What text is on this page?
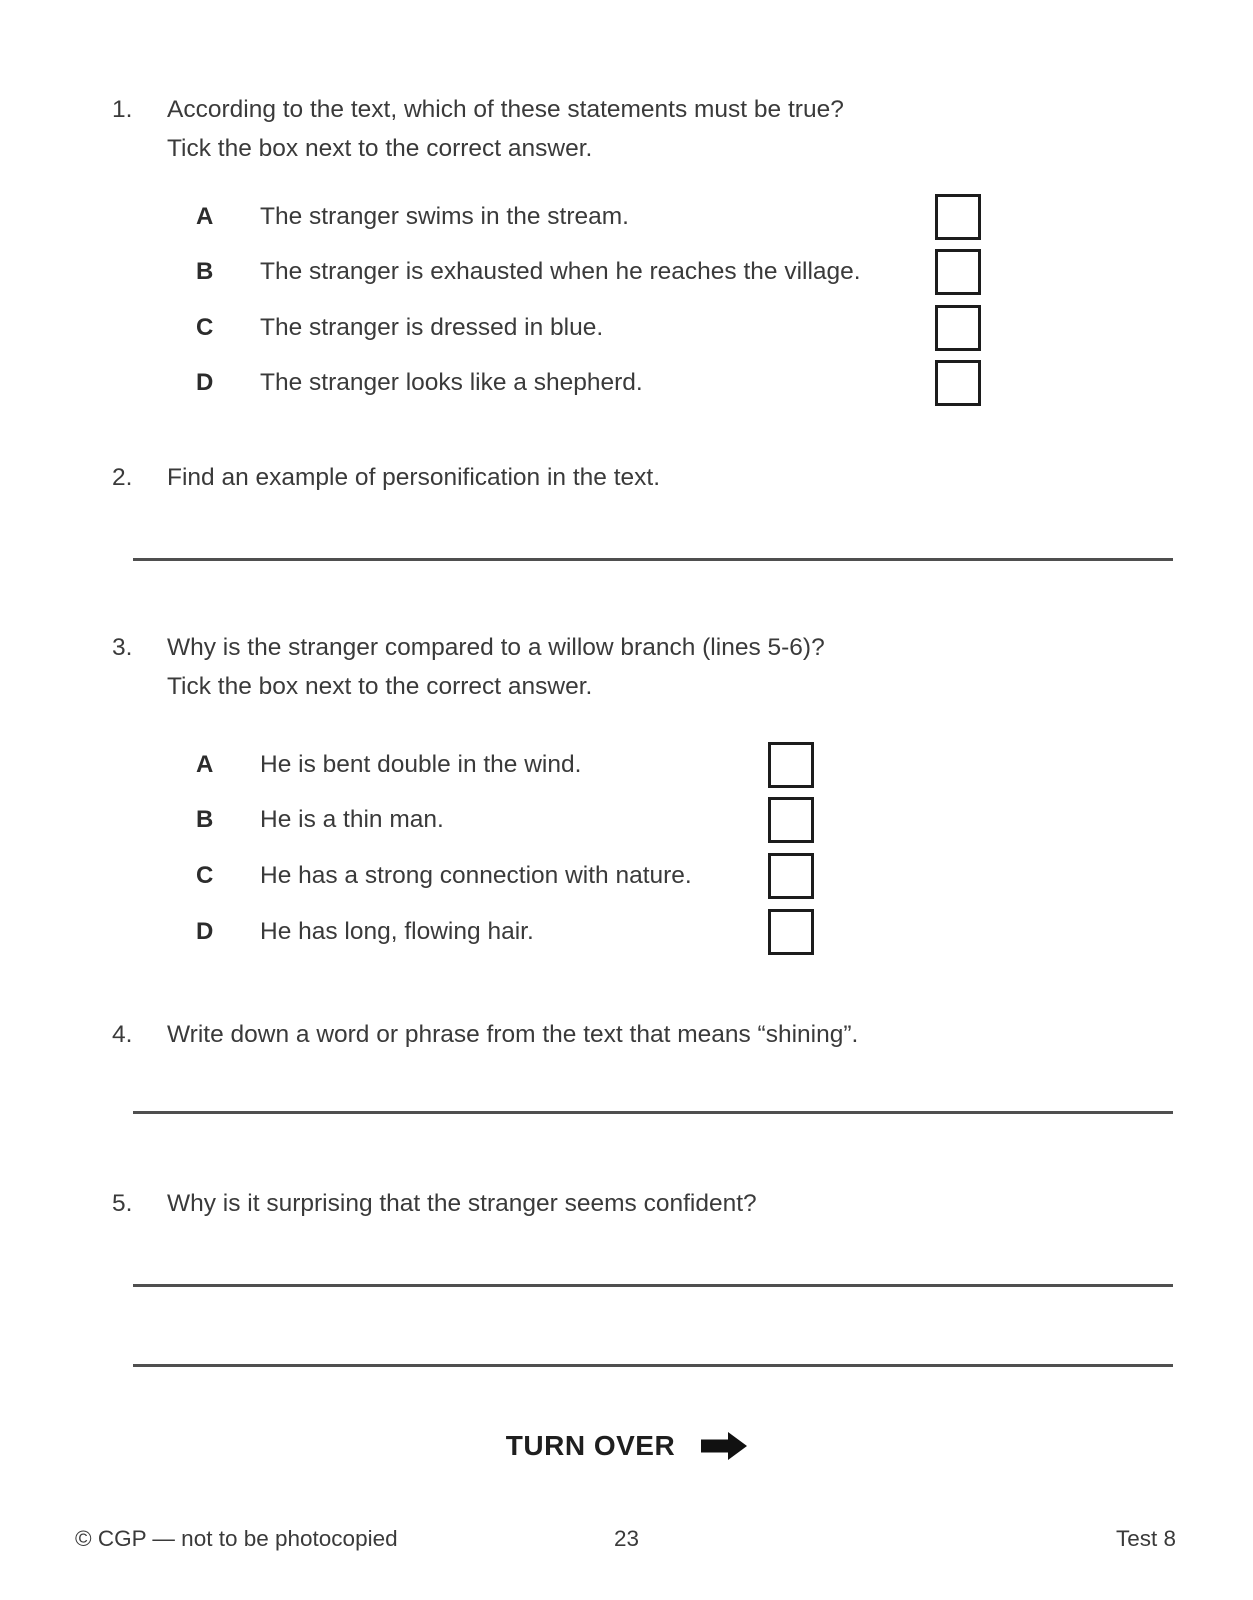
1. According to the text, which of these statements must be true?
Tick the box next to the correct answer.
A The stranger swims in the stream.
B The stranger is exhausted when he reaches the village.
C The stranger is dressed in blue.
D The stranger looks like a shepherd.
2. Find an example of personification in the text.
3. Why is the stranger compared to a willow branch (lines 5-6)?
Tick the box next to the correct answer.
A He is bent double in the wind.
B He is a thin man.
C He has a strong connection with nature.
D He has long, flowing hair.
4. Write down a word or phrase from the text that means “shining”.
5. Why is it surprising that the stranger seems confident?
TURN OVER
© CGP — not to be photocopied	23	Test 8
